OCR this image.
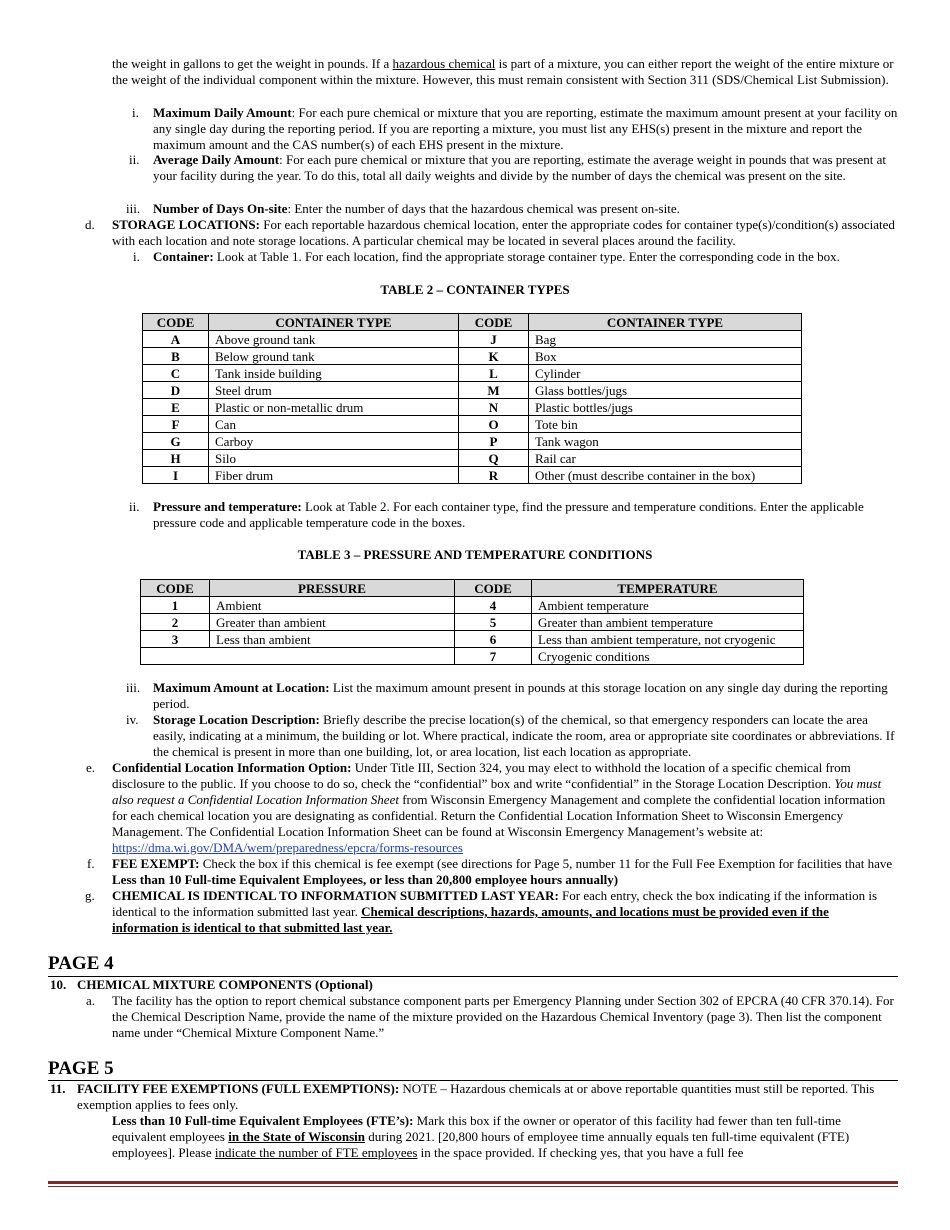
the weight in gallons to get the weight in pounds. If a hazardous chemical is part of a mixture, you can either report the weight of the entire mixture or the weight of the individual component within the mixture. However, this must remain consistent with Section 311 (SDS/Chemical List Submission).

i. Maximum Daily Amount: For each pure chemical or mixture that you are reporting, estimate the maximum amount present at your facility on any single day during the reporting period. If you are reporting a mixture, you must list any EHS(s) present in the mixture and report the maximum amount and the CAS number(s) of each EHS present in the mixture.

ii. Average Daily Amount: For each pure chemical or mixture that you are reporting, estimate the average weight in pounds that was present at your facility during the year. To do this, total all daily weights and divide by the number of days the chemical was present on the site.

iii. Number of Days On-site: Enter the number of days that the hazardous chemical was present on-site.

d. STORAGE LOCATIONS: For each reportable hazardous chemical location, enter the appropriate codes for container type(s)/condition(s) associated with each location and note storage locations. A particular chemical may be located in several places around the facility.

i. Container: Look at Table 1. For each location, find the appropriate storage container type. Enter the corresponding code in the box.

TABLE 2 – CONTAINER TYPES
CODE	CONTAINER TYPE	CODE	CONTAINER TYPE
A	Above ground tank	J	Bag
B	Below ground tank	K	Box
C	Tank inside building	L	Cylinder
D	Steel drum	M	Glass bottles/jugs
E	Plastic or non-metallic drum	N	Plastic bottles/jugs
F	Can	O	Tote bin
G	Carboy	P	Tank wagon
H	Silo	Q	Rail car
I	Fiber drum	R	Other (must describe container in the box)
ii. Pressure and temperature: Look at Table 2. For each container type, find the pressure and temperature conditions. Enter the applicable pressure code and applicable temperature code in the boxes.

TABLE 3 – PRESSURE AND TEMPERATURE CONDITIONS
CODE	PRESSURE	CODE	TEMPERATURE
1	Ambient	4	Ambient temperature
2	Greater than ambient	5	Greater than ambient temperature
3	Less than ambient	6	Less than ambient temperature, not cryogenic
		7	Cryogenic conditions
iii. Maximum Amount at Location: List the maximum amount present in pounds at this storage location on any single day during the reporting period.

iv. Storage Location Description: Briefly describe the precise location(s) of the chemical, so that emergency responders can locate the area easily, indicating at a minimum, the building or lot. Where practical, indicate the room, area or appropriate site coordinates or abbreviations. If the chemical is present in more than one building, lot, or area location, list each location as appropriate.

e. Confidential Location Information Option: Under Title III, Section 324, you may elect to withhold the location of a specific chemical from disclosure to the public. If you choose to do so, check the “confidential” box and write “confidential” in the Storage Location Description. You must also request a Confidential Location Information Sheet from Wisconsin Emergency Management and complete the confidential location information for each chemical location you are designating as confidential. Return the Confidential Location Information Sheet to Wisconsin Emergency Management. The Confidential Location Information Sheet can be found at Wisconsin Emergency Management’s website at: https://dma.wi.gov/DMA/wem/preparedness/epcra/forms-resources

f. FEE EXEMPT: Check the box if this chemical is fee exempt (see directions for Page 5, number 11 for the Full Fee Exemption for facilities that have Less than 10 Full-time Equivalent Employees, or less than 20,800 employee hours annually)

g. CHEMICAL IS IDENTICAL TO INFORMATION SUBMITTED LAST YEAR: For each entry, check the box indicating if the information is identical to the information submitted last year. Chemical descriptions, hazards, amounts, and locations must be provided even if the information is identical to that submitted last year.

PAGE 4
10. CHEMICAL MIXTURE COMPONENTS (Optional)

a. The facility has the option to report chemical substance component parts per Emergency Planning under Section 302 of EPCRA (40 CFR 370.14). For the Chemical Description Name, provide the name of the mixture provided on the Hazardous Chemical Inventory (page 3). Then list the component name under “Chemical Mixture Component Name.”

PAGE 5
11. FACILITY FEE EXEMPTIONS (FULL EXEMPTIONS): NOTE – Hazardous chemicals at or above reportable quantities must still be reported. This exemption applies to fees only.

Less than 10 Full-time Equivalent Employees (FTE’s): Mark this box if the owner or operator of this facility had fewer than ten full-time equivalent employees in the State of Wisconsin during 2021. [20,800 hours of employee time annually equals ten full-time equivalent (FTE) employees]. Please indicate the number of FTE employees in the space provided. If checking yes, that you have a full fee
